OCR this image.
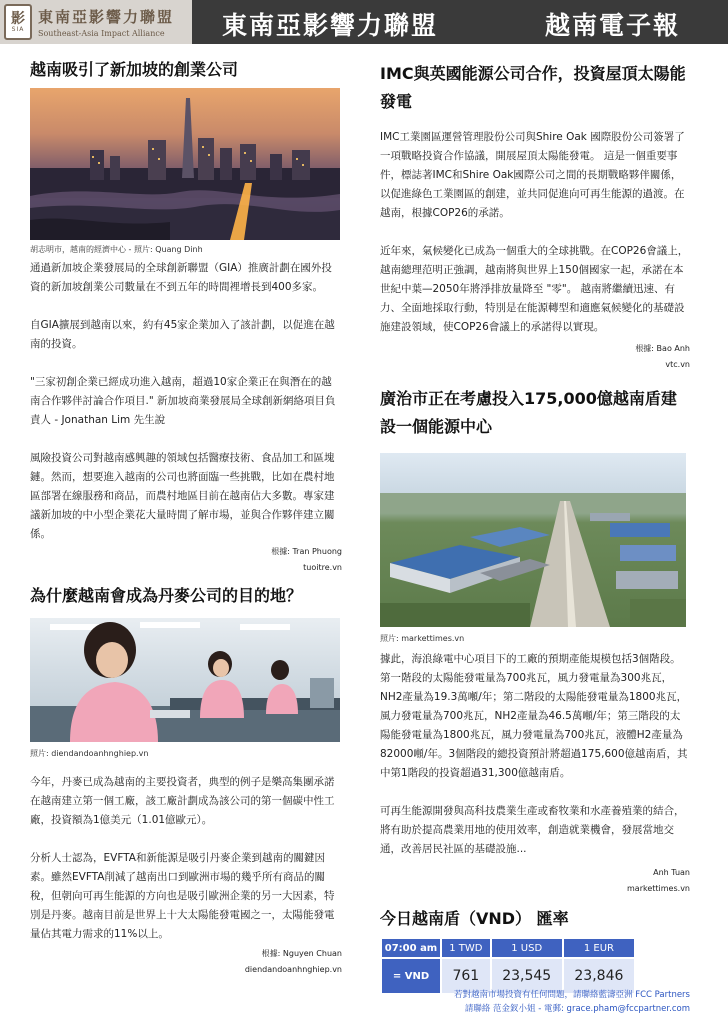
影
SIA
東南亞影響力聯盟
Southeast-Asia Impact Alliance	東南亞影響力聯盟	越南電子報
越南吸引了新加坡的創業公司
胡志明市，越南的經濟中心 - 照片: Quang Dinh

通過新加坡企業發展局的全球創新聯盟（GIA）推廣計劃在國外投資的新加坡創業公司數量在不到五年的時間裡增長到400多家。

自GIA擴展到越南以來，約有45家企業加入了該計劃，以促進在越南的投資。

"三家初創企業已經成功進入越南，超過10家企業正在與潛在的越南合作夥伴討論合作項目." 新加坡商業發展局全球創新網絡項目負責人 - Jonathan Lim 先生說

風險投資公司對越南感興趣的領域包括醫療技術、食品加工和區塊鏈。然而，想要進入越南的公司也將面臨一些挑戰，比如在農村地區部署在線服務和商品，而農村地區目前在越南佔大多數。專家建議新加坡的中小型企業花大量時間了解市場，並與合作夥伴建立關係。

根據: Tran Phuong
tuoitre.vn
為什麼越南會成為丹麥公司的目的地？
照片: diendandoanhnghiep.vn

今年，丹麥已成為越南的主要投資者，典型的例子是樂高集團承諾在越南建立第一個工廠，該工廠計劃成為該公司的第一個碳中性工廠，投資額為1億美元（1.01億歐元）。

分析人士認為，EVFTA和新能源是吸引丹麥企業到越南的關鍵因素。雖然EVFTA削減了越南出口到歐洲市場的幾乎所有商品的關稅，但朝向可再生能源的方向也是吸引歐洲企業的另一大因素，特別是丹麥。越南目前是世界上十大太陽能發電國之一，太陽能發電量佔其電力需求的11%以上。

根據: Nguyen Chuan
diendandoanhnghiep.vn
IMC與英國能源公司合作，投資屋頂太陽能發電

IMC工業園區運營管理股份公司與Shire Oak 國際股份公司簽署了一項戰略投資合作協議，開展屋頂太陽能發電。 這是一個重要事件，標誌著IMC和Shire Oak國際公司之間的長期戰略夥伴關係，以促進綠色工業園區的創建，並共同促進向可再生能源的過渡。在越南，根據COP26的承諾。

近年來，氣候變化已成為一個重大的全球挑戰。在COP26會議上，越南總理范明正強調，越南將與世界上150個國家一起，承諾在本世紀中葉—2050年將淨排放量降至 "零"。 越南將繼續迅速、有力、全面地採取行動，特別是在能源轉型和適應氣候變化的基礎設施建設領域，使COP26會議上的承諾得以實現。

根據: Bao Anh
vtc.vn
廣治市正在考慮投入175,000億越南盾建設一個能源中心
照片: markettimes.vn

據此，海浪綠電中心項目下的工廠的預期產能規模包括3個階段。第一階段的太陽能發電量為700兆瓦，風力發電量為300兆瓦，NH2產量為19.3萬噸/年；第二階段的太陽能發電量為1800兆瓦，風力發電量為700兆瓦，NH2產量為46.5萬噸/年；第三階段的太陽能發電量為1800兆瓦，風力發電量為700兆瓦，液體H2產量為82000噸/年。3個階段的總投資預計將超過175,600億越南盾，其中第1階段的投資超過31,300億越南盾。

可再生能源開發與高科技農業生產或畜牧業和水產養殖業的結合，將有助於提高農業用地的使用效率，創造就業機會，發展當地交通，改善居民社區的基礎設施...

Anh Tuan
markettimes.vn
今日越南盾（VND） 匯率
07:00 am	1 TWD	1 USD	1 EUR
= VND	761	23,545	23,846
若對越南市場投資有任何問題，請聯絡藍濤亞洲 FCC Partners
請聯絡 范金釵小姐 - 電郵: grace.pham@fccpartner.com
